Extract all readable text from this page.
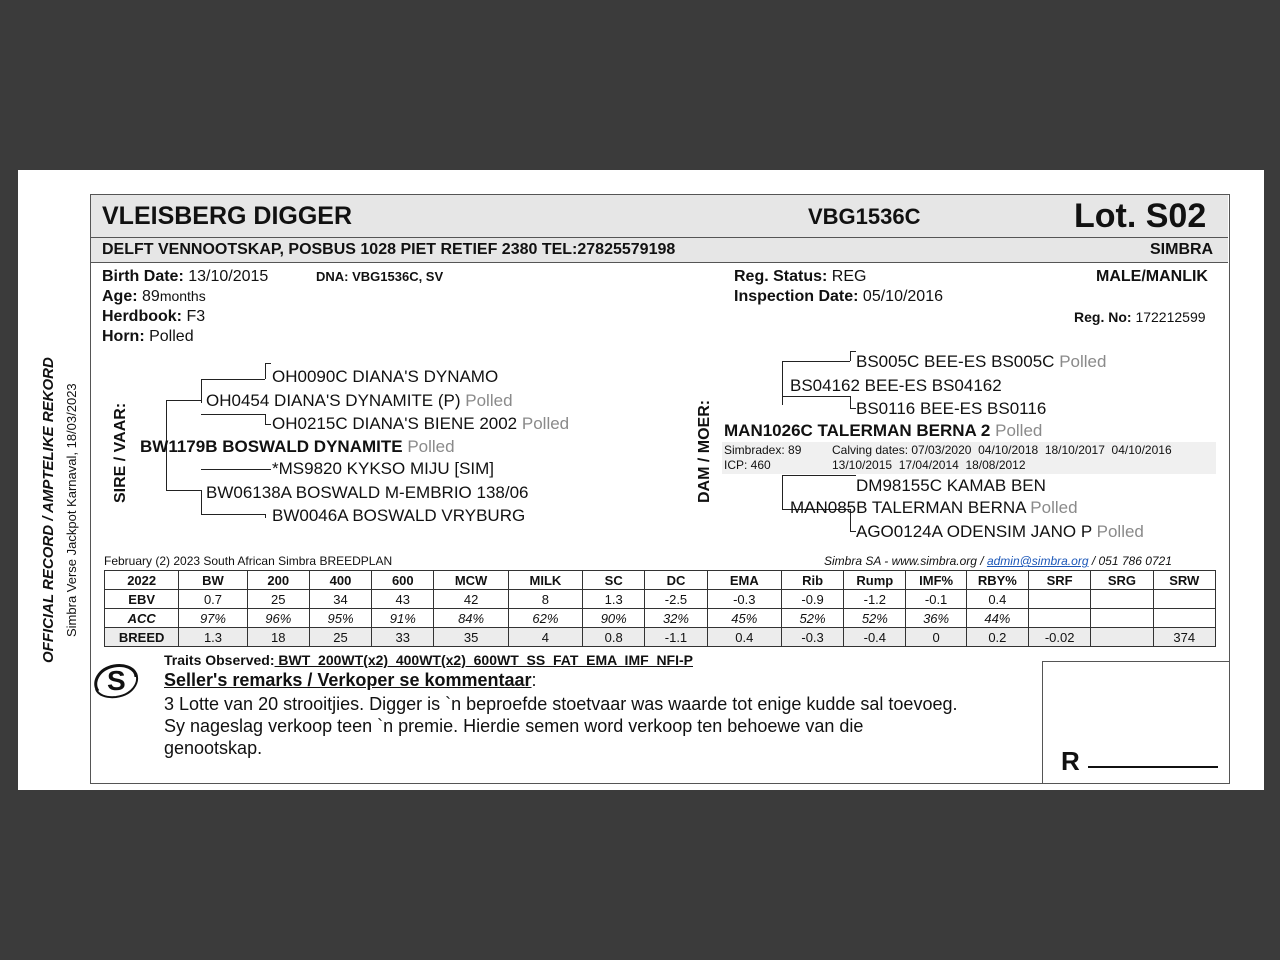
OFFICIAL RECORD / AMPTELIKE REKORD Simbra Verse Jackpot Karnaval, 18/03/2023
VLEISBERG DIGGER	VBG1536C	Lot. S02
DELFT VENNOOTSKAP, POSBUS 1028 PIET RETIEF 2380 TEL:27825579198	SIMBRA
Birth Date: 13/10/2015	DNA: VBG1536C, SV
Age: 89months
Herdbook: F3
Horn: Polled
Reg. Status: REG
Inspection Date: 05/10/2016
MALE/MANLIK
Reg. No: 172212599
SIRE / VAAR:
OH0090C DIANA'S DYNAMO
OH0454 DIANA'S DYNAMITE (P) Polled
OH0215C DIANA'S BIENE 2002 Polled
BW1179B BOSWALD DYNAMITE Polled
*MS9820 KYKSO MIJU [SIM]
BW06138A BOSWALD M-EMBRIO 138/06
BW0046A BOSWALD VRYBURG
DAM / MOER:
BS005C BEE-ES BS005C Polled
BS04162 BEE-ES BS04162
BS0116 BEE-ES BS0116
MAN1026C TALERMAN BERNA 2 Polled
Simbradex: 89
ICP: 460
Calving dates: 07/03/2020  04/10/2018  18/10/2017  04/10/2016
13/10/2015  17/04/2014  18/08/2012
DM98155C KAMAB BEN
MAN085B TALERMAN BERNA Polled
AGO0124A ODENSIM JANO P Polled
February (2) 2023 South African Simbra BREEDPLAN	Simbra SA - www.simbra.org / admin@simbra.org / 051 786 0721
2022	BW	200	400	600	MCW	MILK	SC	DC	EMA	Rib	Rump	IMF%	RBY%	SRF	SRG	SRW
EBV	0.7	25	34	43	42	8	1.3	-2.5	-0.3	-0.9	-1.2	-0.1	0.4			
ACC	97%	96%	95%	91%	84%	62%	90%	32%	45%	52%	52%	36%	44%			
BREED	1.3	18	25	33	35	4	0.8	-1.1	0.4	-0.3	-0.4	0	0.2	-0.02		374
Traits Observed: BWT  200WT(x2)  400WT(x2)  600WT  SS  FAT  EMA  IMF  NFI-P
S Seller's remarks / Verkoper se kommentaar:
3 Lotte van 20 strooitjies. Digger is `n beproefde stoetvaar was waarde tot enige kudde sal toevoeg.
Sy nageslag verkoop teen `n premie. Hierdie semen word verkoop ten behoewe van die
genootskap.	R
